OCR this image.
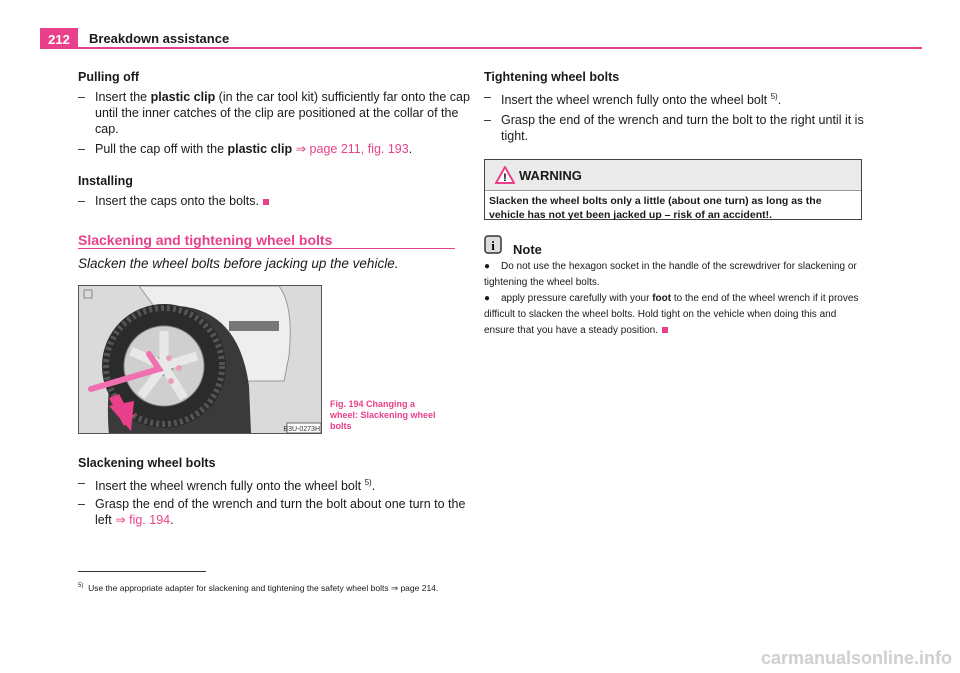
212	Breakdown assistance
Pulling off
– Insert the plastic clip (in the car tool kit) sufficiently far onto the cap until the inner catches of the clip are positioned at the collar of the cap.
– Pull the cap off with the plastic clip ⇒ page 211, fig. 193.
Installing
– Insert the caps onto the bolts.
Slackening and tightening wheel bolts
Slacken the wheel bolts before jacking up the vehicle.
B3U-0273H
Fig. 194 Changing a wheel: Slackening wheel bolts
Slackening wheel bolts
– Insert the wheel wrench fully onto the wheel bolt $^{5)}$.
– Grasp the end of the wrench and turn the bolt about one turn to the left ⇒ fig. 194.
$^{5)}$ Use the appropriate adapter for slackening and tightening the safety wheel bolts ⇒ page 214.
Tightening wheel bolts
– Insert the wheel wrench fully onto the wheel bolt $^{5)}$.
– Grasp the end of the wrench and turn the bolt to the right until it is tight.
! WARNING
Slacken the wheel bolts only a little (about one turn) as long as the vehicle has not yet been jacked up – risk of an accident!.
i Note
● Do not use the hexagon socket in the handle of the screwdriver for slackening or tightening the wheel bolts.
● apply pressure carefully with your foot to the end of the wheel wrench if it proves difficult to slacken the wheel bolts. Hold tight on the vehicle when doing this and ensure that you have a steady position.
carmanualsonline.info
